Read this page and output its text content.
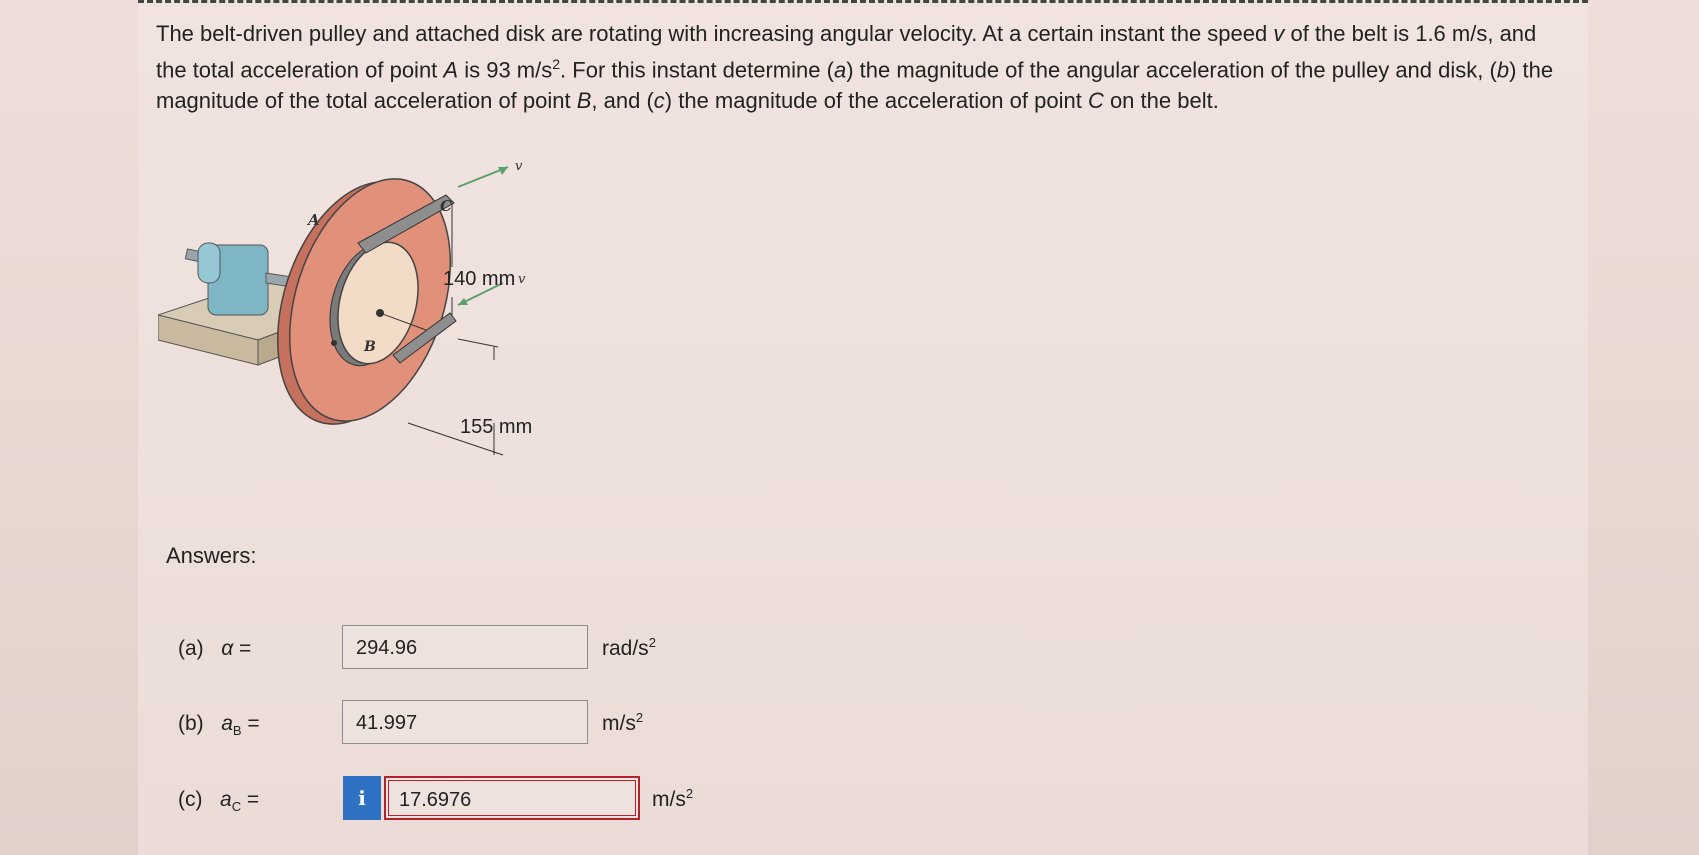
The belt-driven pulley and attached disk are rotating with increasing angular velocity. At a certain instant the speed v of the belt is 1.6 m/s, and the total acceleration of point A is 93 $m/s^2$. For this instant determine (a) the magnitude of the angular acceleration of the pulley and disk, (b) the magnitude of the total acceleration of point B, and (c) the magnitude of the acceleration of point C on the belt.
A
B
C
v
v
140 mm
155 mm
Answers:
(a) α =	294.96	rad/$s^2$
(b) $a_B$ =	41.997	$m/s^2$
(c) $a_C$ =	i	17.6976	$m/s^2$
